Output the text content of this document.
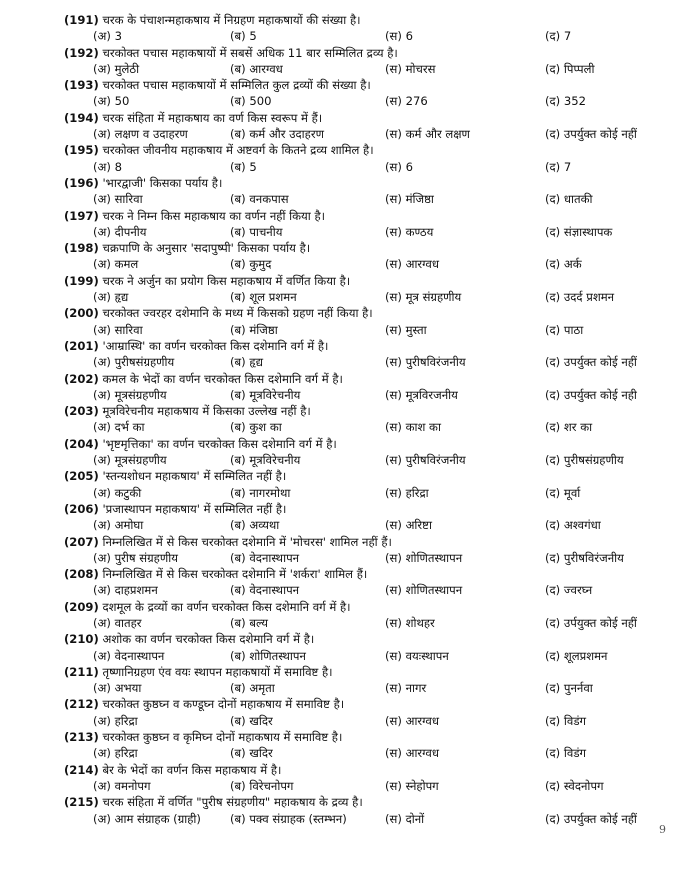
(191) चरक के पंचाशन्महाकषाय में निग्रहण महाकषायों की संख्या है।
(अ) 3	(ब) 5	(स) 6	(द) 7
(192) चरकोक्त पचास महाकषायों में सबसें अधिक 11 बार सम्मिलित द्रव्य है।
(अ) मुलेठी	(ब) आरग्वध	(स) मोचरस	(द) पिप्पली
(193) चरकोक्त पचास महाकषायों में सम्मिलित कुल द्रव्यों की संख्या है।
(अ) 50	(ब) 500	(स) 276	(द) 352
(194) चरक संहिता में महाकषाय का वर्ण किस स्वरूप में हैं।
(अ) लक्षण व उदाहरण	(ब) कर्म और उदाहरण	(स) कर्म और लक्षण	(द) उपर्युक्त कोई नहीं
(195) चरकोक्त जीवनीय महाकषाय में अष्टवर्ग के कितने द्रव्य शामिल है।
(अ) 8	(ब) 5	(स) 6	(द) 7
(196) 'भारद्वाजी' किसका पर्याय है।
(अ) सारिवा	(ब) वनकपास	(स) मंजिष्ठा	(द) धातकी
(197) चरक ने निम्न किस महाकषाय का वर्णन नहीं किया है।
(अ) दीपनीय	(ब) पाचनीय	(स) कण्ठय	(द) संज्ञास्थापक
(198) चक्रपाणि के अनुसार 'सदापुष्पी' किसका पर्याय है।
(अ) कमल	(ब) कुमुद	(स) आरग्वध	(द) अर्क
(199) चरक ने अर्जुन का प्रयोग किस महाकषाय में वर्णित किया है।
(अ) हृद्य	(ब) शूल प्रशमन	(स) मूत्र संग्रहणीय	(द) उदर्द प्रशमन
(200) चरकोक्त ज्वरहर दशेमानि के मध्य में किसको ग्रहण नहीं किया है।
(अ) सारिवा	(ब) मंजिष्ठा	(स) मुस्ता	(द) पाठा
(201) 'आम्रास्थि' का वर्णन चरकोक्त किस दशेमानि वर्ग में है।
(अ) पुरीषसंग्रहणीय	(ब) हृद्य	(स) पुरीषविरंजनीय	(द) उपर्युक्त कोई नहीं
(202) कमल के भेदों का वर्णन चरकोक्त किस दशेमानि वर्ग में है।
(अ) मूत्रसंग्रहणीय	(ब) मूत्रविरेचनीय	(स) मूत्रविरजनीय	(द) उपर्युक्त कोई नही
(203) मूत्रविरेचनीय महाकषाय में किसका उल्लेख नहीं है।
(अ) दर्भ का	(ब) कुश का	(स) काश का	(द) शर का
(204) 'भृष्टमृत्तिका' का वर्णन चरकोक्त किस दशेमानि वर्ग में है।
(अ) मूत्रसंग्रहणीय	(ब) मूत्रविरेचनीय	(स) पुरीषविरंजनीय	(द) पुरीषसंग्रहणीय
(205) 'स्तन्यशोधन महाकषाय' में सम्मिलित नहीं है।
(अ) कटुकी	(ब) नागरमोथा	(स) हरिद्रा	(द) मूर्वा
(206) 'प्रजास्थापन महाकषाय' में सम्मिलित नहीं है।
(अ) अमोघा	(ब) अव्यथा	(स) अरिष्टा	(द) अश्वगंधा
(207) निम्नलिखित में से किस चरकोक्त दशेमानि में 'मोचरस' शामिल नहीं हैं।
(अ) पुरीष संग्रहणीय	(ब) वेदनास्थापन	(स) शोणितस्थापन	(द) पुरीषविरंजनीय
(208) निम्नलिखित में से किस चरकोक्त दशेमानि में 'शर्करा' शामिल हैं।
(अ) दाहप्रशमन	(ब) वेदनास्थापन	(स) शोणितस्थापन	(द) ज्वरघ्न
(209) दशमूल के द्रव्यों का वर्णन चरकोक्त किस दशेमानि वर्ग में है।
(अ) वातहर	(ब) बल्य	(स) शोथहर	(द) उर्पयुक्त कोई नहीं
(210) अशोक का वर्णन चरकोक्त किस दशेमानि वर्ग में है।
(अ) वेदनास्थापन	(ब) शोणितस्थापन	(स) वयःस्थापन	(द) शूलप्रशमन
(211) तृष्णानिग्रहण एंव वयः स्थापन महाकषायों में समाविष्ट है।
(अ) अभया	(ब) अमृता	(स) नागर	(द) पुनर्नवा
(212) चरकोक्त कुष्ठघ्न व कण्डूघ्न दोनों महाकषाय में समाविष्ट है।
(अ) हरिद्रा	(ब) खदिर	(स) आरग्वध	(द) विडंग
(213) चरकोक्त कुष्ठघ्न व कृमिघ्न दोनों महाकषाय में समाविष्ट है।
(अ) हरिद्रा	(ब) खदिर	(स) आरग्वध	(द) विडंग
(214) बेर के भेदों का वर्णन किस महाकषाय में है।
(अ) वमनोपग	(ब) विरेचनोपग	(स) स्नेहोपग	(द) स्वेदनोपग
(215) चरक संहिता में वर्णित "पुरीष संग्रहणीय" महाकषाय के द्रव्य है।
(अ) आम संग्राहक (ग्राही)	(ब) पक्व संग्राहक (स्तम्भन)	(स) दोनों	(द) उपर्युक्त कोई नहीं
9
